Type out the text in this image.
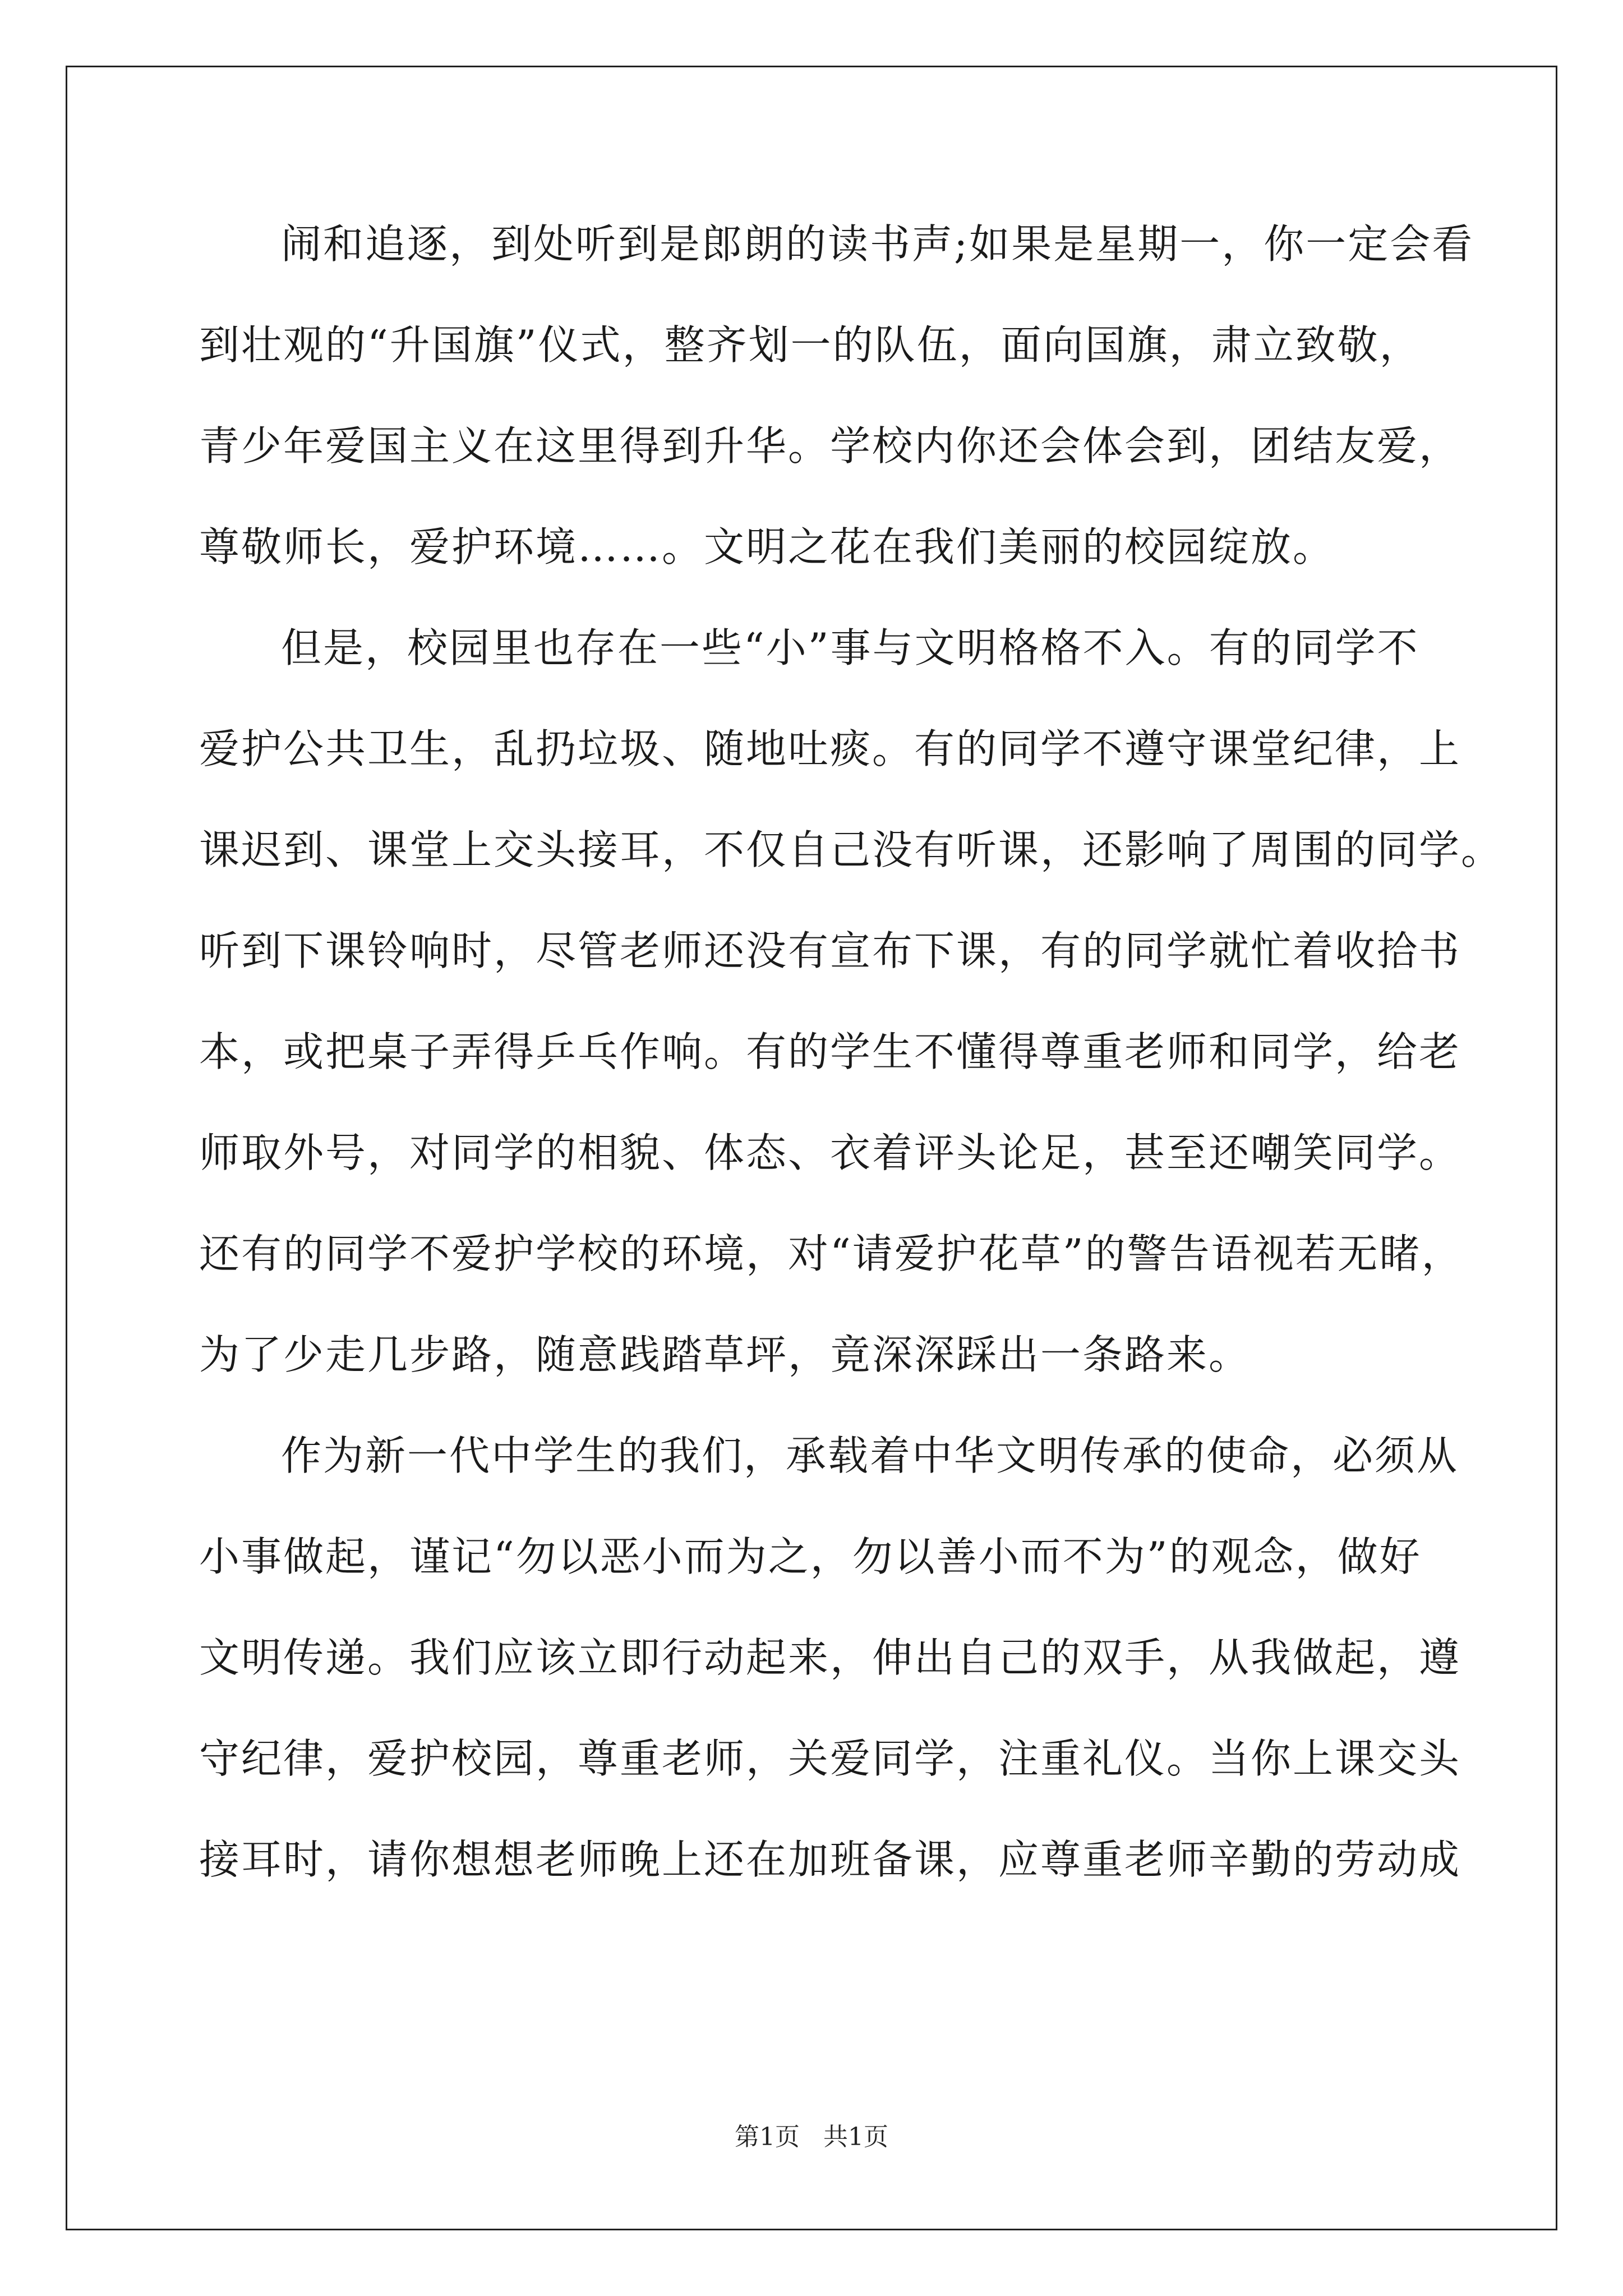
闹和追逐，到处听到是郎朗的读书声;如果是星期一，你一定会看
到壮观的“升国旗”仪式，整齐划一的队伍，面向国旗，肃立致敬，
青少年爱国主义在这里得到升华。学校内你还会体会到，团结友爱，
尊敬师长，爱护环境……。文明之花在我们美丽的校园绽放。
但是，校园里也存在一些“小”事与文明格格不入。有的同学不
爱护公共卫生，乱扔垃圾、随地吐痰。有的同学不遵守课堂纪律，上
课迟到、课堂上交头接耳，不仅自己没有听课，还影响了周围的同学。
听到下课铃响时，尽管老师还没有宣布下课，有的同学就忙着收拾书
本，或把桌子弄得乒乓作响。有的学生不懂得尊重老师和同学，给老
师取外号，对同学的相貌、体态、衣着评头论足，甚至还嘲笑同学。
还有的同学不爱护学校的环境，对“请爱护花草”的警告语视若无睹，
为了少走几步路，随意践踏草坪，竟深深踩出一条路来。
作为新一代中学生的我们，承载着中华文明传承的使命，必须从
小事做起，谨记“勿以恶小而为之，勿以善小而不为”的观念，做好
文明传递。我们应该立即行动起来，伸出自己的双手，从我做起，遵
守纪律，爱护校园，尊重老师，关爱同学，注重礼仪。当你上课交头
接耳时，请你想想老师晚上还在加班备课，应尊重老师辛勤的劳动成
第1页 共1页
